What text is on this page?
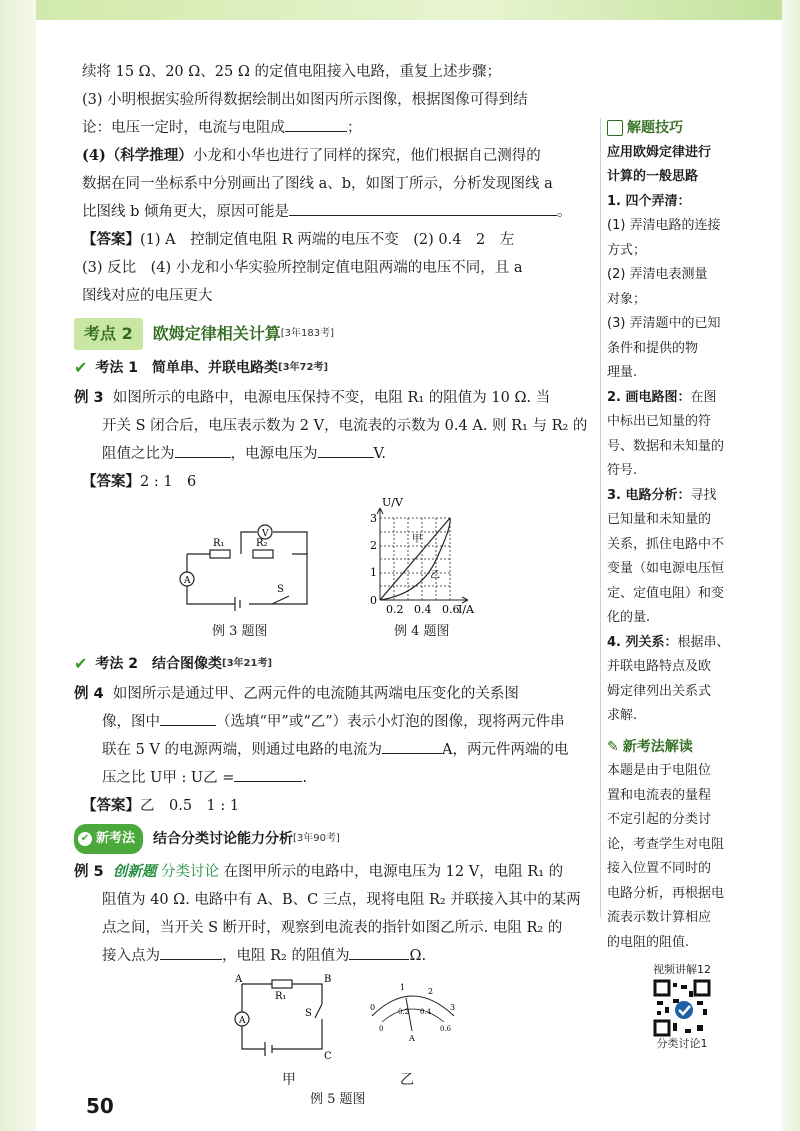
续将 15 Ω、20 Ω、25 Ω 的定值电阻接入电路，重复上述步骤；

(3) 小明根据实验所得数据绘制出如图丙所示图像，根据图像可得到结

论：电压一定时，电流与电阻成	；

(4)（科学推理）小龙和小华也进行了同样的探究，他们根据自己测得的

数据在同一坐标系中分别画出了图线 a、b，如图丁所示，分析发现图线 a

比图线 b 倾角更大，原因可能是	。

【答案】(1) A　控制定值电阻 R 两端的电压不变　(2) 0.4　2　左

(3) 反比　(4) 小龙和小华实验所控制定值电阻两端的电压不同，且 a

图线对应的电压更大

考点 2	欧姆定律相关计算 [3年183考]
✔ 考法 1　简单串、并联电路类 [3年72考]

例 3 如图所示的电路中，电源电压保持不变，电阻 R₁ 的阻值为 10 Ω. 当

开关 S 闭合后，电压表示数为 2 V，电流表的示数为 0.4 A. 则 R₁ 与 R₂ 的

阻值之比为	，电源电压为	V.

【答案】2 : 1　6

V
A
R₁	R₂
S
例 3 题图
U/V
0
1
2
3
0.2 0.4 0.6
I/A
甲
乙
例 4 题图
✔ 考法 2　结合图像类 [3年21考]

例 4 如图所示是通过甲、乙两元件的电流随其两端电压变化的关系图

像，图中	（选填“甲”或“乙”）表示小灯泡的图像，现将两元件串

联在 5 V 的电源两端，则通过电路的电流为	A，两元件两端的电

压之比 U甲 : U乙 =	.

【答案】乙　0.5　1 : 1

✔ 新考法 结合分类讨论能力分析 [3年90考]

例 5 创新题 分类讨论 在图甲所示的电路中，电源电压为 12 V，电阻 R₁ 的

阻值为 40 Ω. 电路中有 A、B、C 三点，现将电阻 R₂ 并联接入其中的某两

点之间，当开关 S 断开时，观察到电流表的指针如图乙所示. 电阻 R₂ 的

接入点为	，电阻 R₂ 的阻值为	Ω.

A
R₁
A	B
C
S
0
1	2
3
0
0.2 0.4
0.6
A
甲	乙
例 5 题图
解题技巧
应用欧姆定律进行
计算的一般思路
1. 四个弄清：
(1) 弄清电路的连接
方式；
(2) 弄清电表测量
对象；
(3) 弄清题中的已知
条件和提供的物
理量.
2. 画电路图：在图
中标出已知量的符
号、数据和未知量的
符号.
3. 电路分析：寻找
已知量和未知量的
关系，抓住电路中不
变量（如电源电压恒
定、定值电阻）和变
化的量.
4. 列关系：根据串、
并联电路特点及欧
姆定律列出关系式
求解.
✎ 新考法解读
本题是由于电阻位
置和电流表的量程
不定引起的分类讨
论，考查学生对电阻
接入位置不同时的
电路分析，再根据电
流表示数计算相应
的电阻的阻值.
视频讲解12
分类讨论1
50
